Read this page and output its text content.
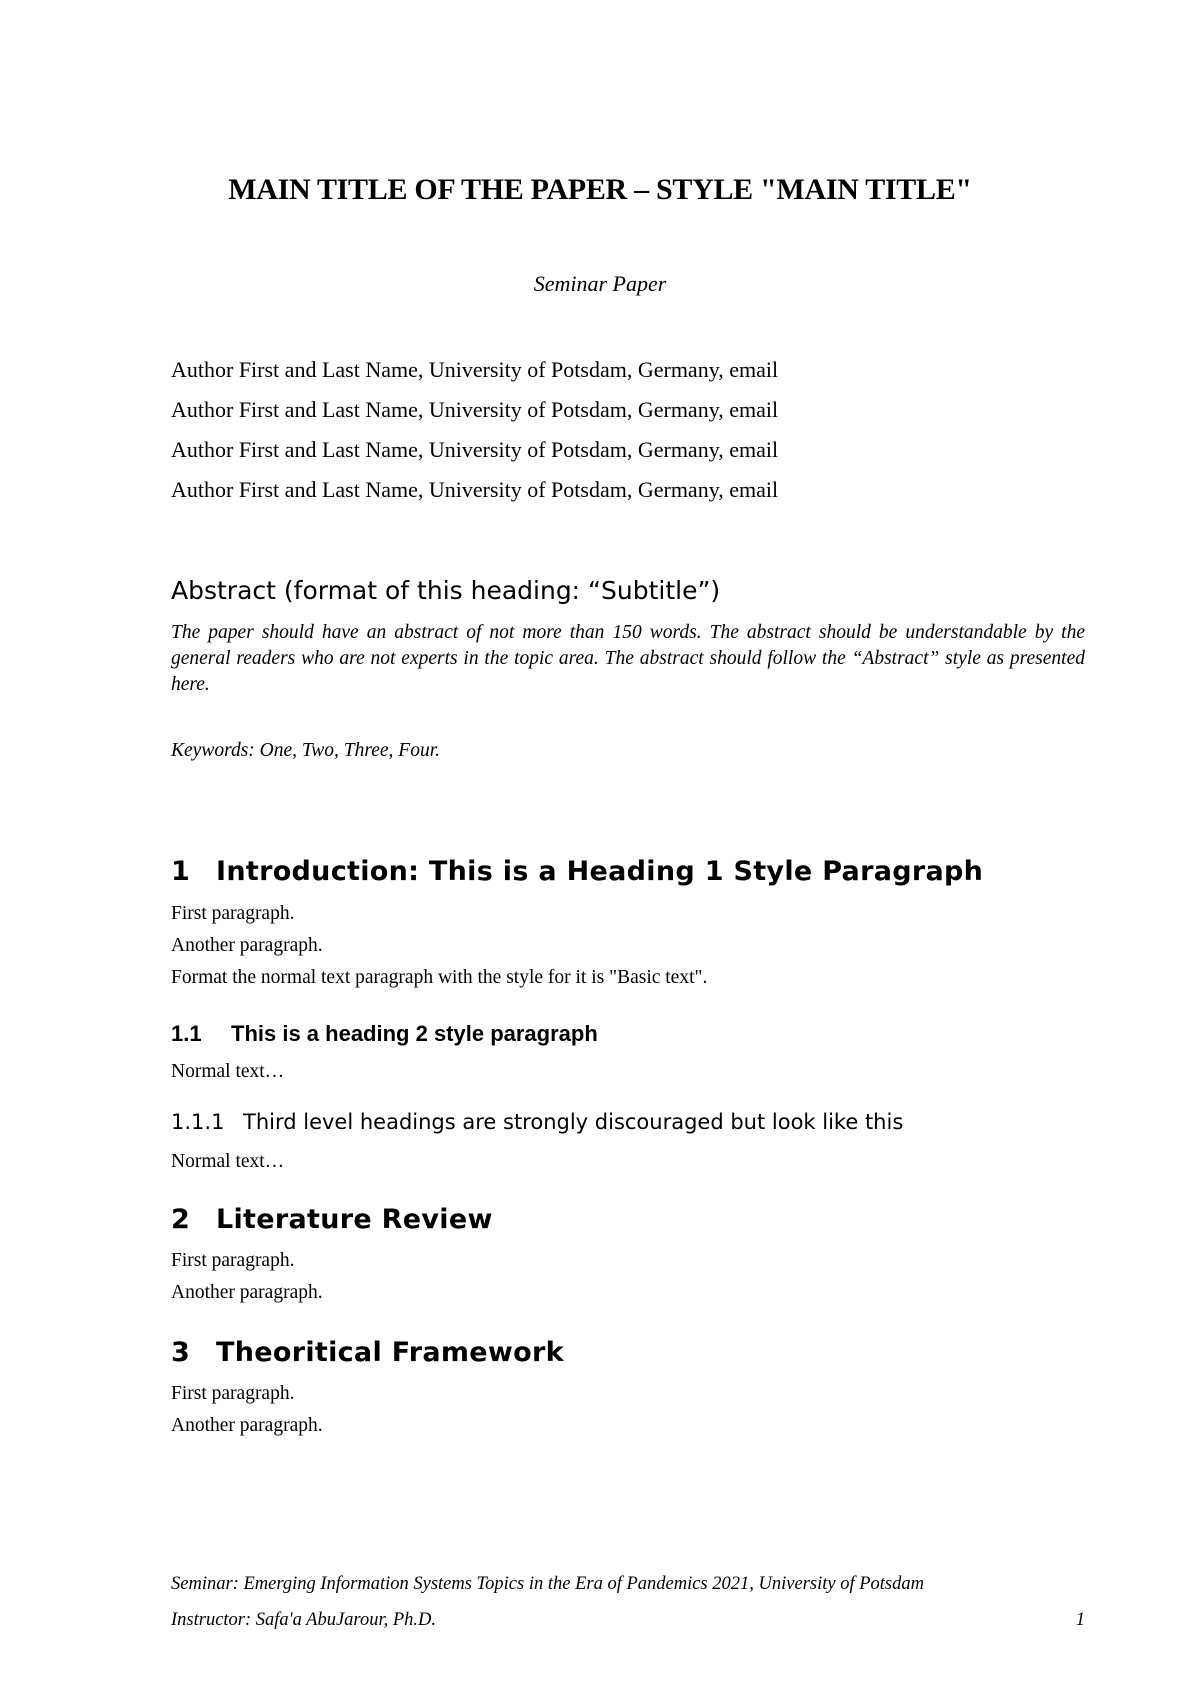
MAIN TITLE OF THE PAPER – STYLE "MAIN TITLE"
Seminar Paper
Author First and Last Name, University of Potsdam, Germany, email
Author First and Last Name, University of Potsdam, Germany, email
Author First and Last Name, University of Potsdam, Germany, email
Author First and Last Name, University of Potsdam, Germany, email
Abstract (format of this heading: “Subtitle”)
The paper should have an abstract of not more than 150 words. The abstract should be understandable by the general readers who are not experts in the topic area. The abstract should follow the “Abstract” style as presented here.
Keywords: One, Two, Three, Four.
1 Introduction: This is a Heading 1 Style Paragraph
First paragraph.
Another paragraph.
Format the normal text paragraph with the style for it is "Basic text".
1.1 This is a heading 2 style paragraph
Normal text…
1.1.1 Third level headings are strongly discouraged but look like this
Normal text…
2 Literature Review
First paragraph.
Another paragraph.
3 Theoritical Framework
First paragraph.
Another paragraph.
Seminar: Emerging Information Systems Topics in the Era of Pandemics 2021, University of Potsdam
Instructor: Safa'a AbuJarour, Ph.D.	1
